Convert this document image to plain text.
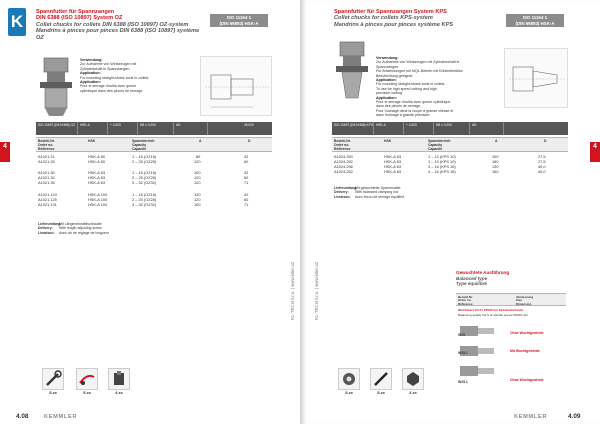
K	Spannfutter für Spannzangen
DIN 6388 (ISO 10897) System OZ
Collet chucks for collets DIN 6388 (ISO 10897) OZ-system
Mandrins à pinces pour pinces DIN 6388 (ISO 10897) système OZ
ISO 11164-1
(DIN 69893) HSK-A
Verwendung:
Zur Aufnahme von Werkzeugen mit
Zylinderschaft in Spannzangen.
Application:
For mounting straight-shank tools in collets.
Application:
Pour le serrage d'outils avec queue
cylindrique dans des pinces de serrage.
ISO 10897 (DIN 6388) OZ	HSK-A	+ 2.000	KB ± 0.003	AD	25.000
Bestell-Nr.
Order no.
Référence
HSK	Spannbereich
Capacity
Capacité
A	D
A1021.21	HSK-A 50	1 – 16 (OZ16)	80	42
A1021.25	HSK-A 50	2 – 25 (OZ25)	120	60
A1021.30	HSK-A 63	1 – 16 (OZ16)	100	42
A1021.32	HSK-A 63	2 – 25 (OZ25)	100	60
A1021.35	HSK-A 63	3 – 32 (OZ32)	120	71
A1021.124	HSK-A 100	1 – 16 (OZ16)	120	42
A1021.125	HSK-A 100	2 – 25 (OZ25)	120	60
A1021.131	HSK-A 100	3 – 32 (OZ32)	100	71
Lieferumfang:Mit Längeneinstellschraube
Delivery: With length adjusting screw
Livraison: Avec vis de réglage de longueur
S.xx	S.xx	4.xx
4
KL-TECH s.r.o. | www.kltec.cz
4.08	KEMMLER
Spannfutter für Spannzangen System KPS
Collet chucks for collets KPS-system
Mandrins à pinces pour pinces système KPS
ISO 11164-1
(DIN 69893) HSK-A
Verwendung:
Zur Aufnahme von Werkzeugen mit Zylinderschaft in
Spannzangen.
Für Anwendungen mit MQL-Betrieb mit Kühlmitteldüse
Beschichtung geeignet.
Application:
For mounting straight-shank tools in collets.
To use for high speed cutting and high
precision cutting.
Application:
Pour le serrage d'outils avec queue cylindrique
dans des pinces de serrage.
Pour l'usinage dans la coupe à grande vitesse et
dans l'usinage à grande précision.
ISO 10897 (DIN 6388) KPS HSK-A	+ 2.000	KB ± 0.003	AD
Bestell-Nr.
Order no.
Référence
HSK	Spannbereich
Capacity
Capacité
A	D
A1024.250	HSK-A 63	1 – 10 (KPS 10)	100	27,5
A1024.252	HSK-A 63	1 – 10 (KPS 10)	160	27,5
A1024.256	HSK-A 63	4 – 16 (KPS 16)	130	40,0
A1024.262	HSK-A 63	4 – 16 (KPS 16)	160	40,0
Lieferumfang:Mit gewuchteter Spannmutter
Delivery: With balanced clamping nut
Livraison: Avec écrou de serrage équilibré
Gewuchtete Ausführung
Balanced type
Type équilibré
Bestell-Nr.
Order no.
Référence
Abmessung
Size
Dimension
Wuchtwert G2,5 / 25000 bei Spindeldrehzahl
Balancing quality G2,5 at spindle speed 25000 rpm
W25	Ohne Wuchtgewinde
W25.1	Mit Wuchtgewinde
W25.1	Ohne Wuchtgewinde
S.xx	S.xx	4.xx
4
KL-TECH s.r.o. | www.kltec.cz
KEMMLER	4.09
